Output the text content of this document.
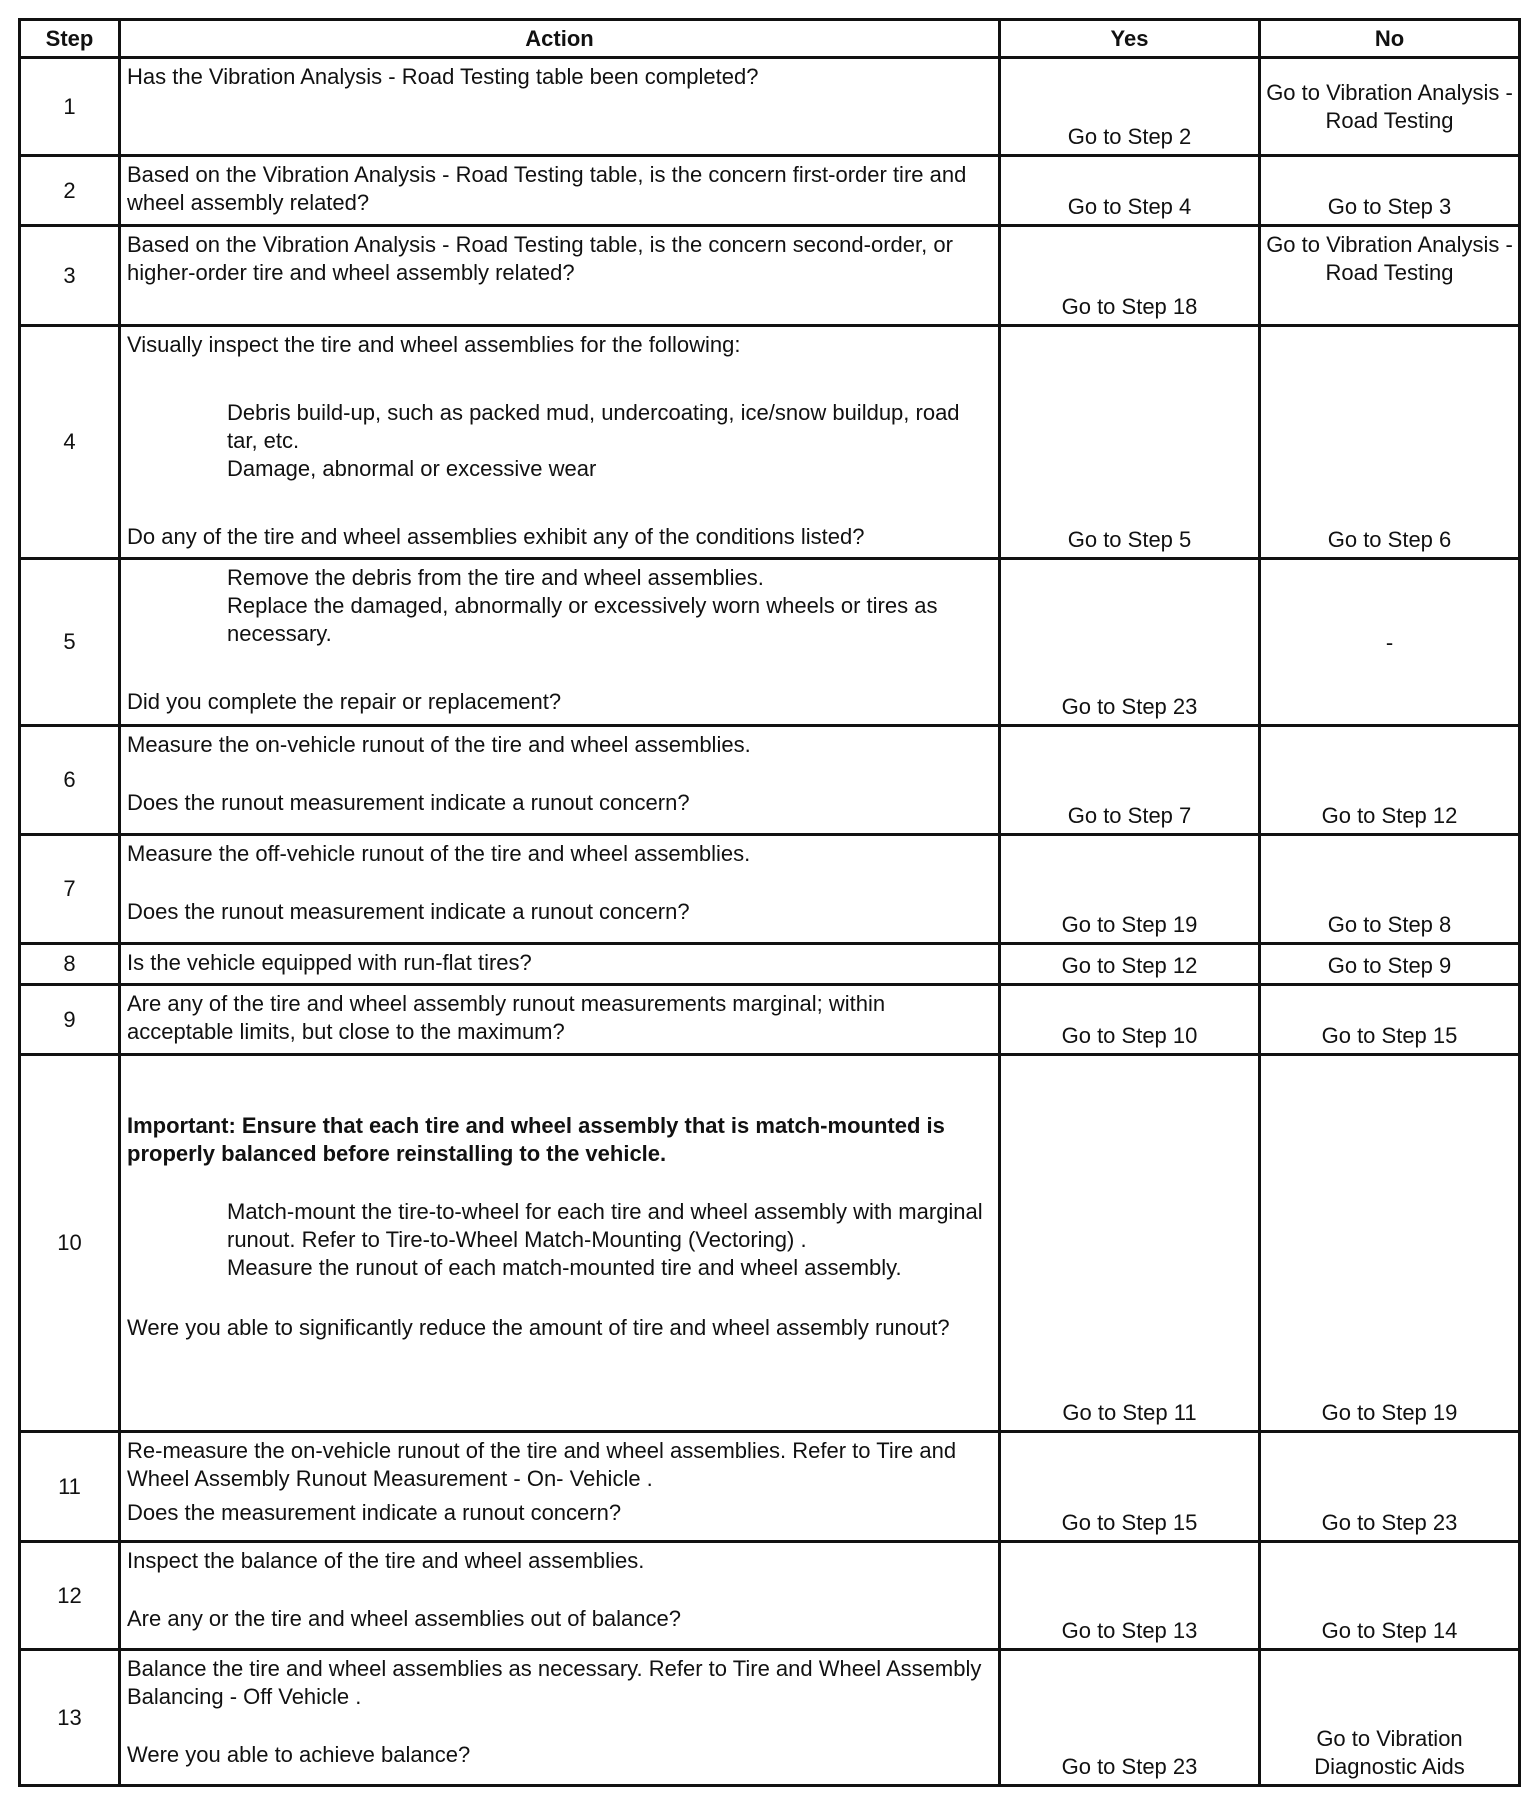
Step	Action	Yes	No
1	Has the Vibration Analysis - Road Testing table been completed?	Go to Step 2	Go to Vibration Analysis - Road Testing

2	Based on the Vibration Analysis - Road Testing table, is the concern first-order tire and wheel assembly related?	Go to Step 4	Go to Step 3

3	Based on the Vibration Analysis - Road Testing table, is the concern second-order, or higher-order tire and wheel assembly related?	Go to Step 18	Go to Vibration Analysis - Road Testing

4	Visually inspect the tire and wheel assemblies for the following:
Debris build-up, such as packed mud, undercoating, ice/snow buildup, road tar, etc.
Damage, abnormal or excessive wear
Do any of the tire and wheel assemblies exhibit any of the conditions listed?	Go to Step 5	Go to Step 6

5	Remove the debris from the tire and wheel assemblies.
Replace the damaged, abnormally or excessively worn wheels or tires as necessary.
Did you complete the repair or replacement?	Go to Step 23	-

6	Measure the on-vehicle runout of the tire and wheel assemblies.
Does the runout measurement indicate a runout concern?	Go to Step 7	Go to Step 12

7	Measure the off-vehicle runout of the tire and wheel assemblies.
Does the runout measurement indicate a runout concern?	Go to Step 19	Go to Step 8

8	Is the vehicle equipped with run-flat tires?	Go to Step 12	Go to Step 9

9	Are any of the tire and wheel assembly runout measurements marginal; within acceptable limits, but close to the maximum?	Go to Step 10	Go to Step 15

10	Important: Ensure that each tire and wheel assembly that is match-mounted is properly balanced before reinstalling to the vehicle.
Match-mount the tire-to-wheel for each tire and wheel assembly with marginal runout. Refer to Tire-to-Wheel Match-Mounting (Vectoring) .
Measure the runout of each match-mounted tire and wheel assembly.
Were you able to significantly reduce the amount of tire and wheel assembly runout?	Go to Step 11	Go to Step 19

11	Re-measure the on-vehicle runout of the tire and wheel assemblies. Refer to Tire and Wheel Assembly Runout Measurement - On- Vehicle .
Does the measurement indicate a runout concern?	Go to Step 15	Go to Step 23

12	Inspect the balance of the tire and wheel assemblies.
Are any or the tire and wheel assemblies out of balance?	Go to Step 13	Go to Step 14

13	Balance the tire and wheel assemblies as necessary. Refer to Tire and Wheel Assembly Balancing - Off Vehicle .
Were you able to achieve balance?	Go to Step 23	Go to Vibration Diagnostic Aids
